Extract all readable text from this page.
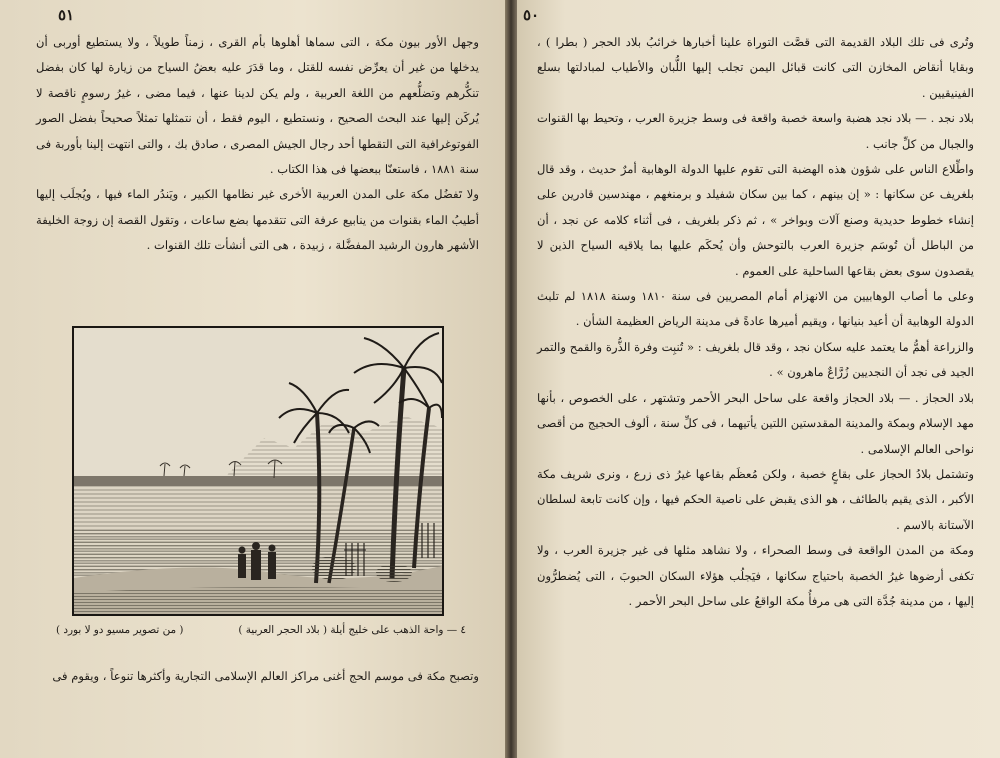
٥١

وجهل الأور بيون مكة ، التى سماها أهلوها بأم القرى ، زمناً طويلاً ، ولا يستطيع أوربى أن يدخلها من غير أن يعرِّض نفسه للقتل ، وما قدَرَ عليه بعضُ السياح من زيارة لها كان بفضل تنكُّرهم وتضلُّعهم من اللغة العربية ، ولم يكن لدينا عنها ، فيما مضى ، غيرُ رسومٍ ناقصة لا يُركَن إليها عند البحث الصحيح ، ونستطيع ، اليوم فقط ، أن نتمثلها تمثلاً صحيحاً بفضل الصور الفوتوغرافية التى التقطها أحد رجال الجيش المصرى ، صادق بك ، والتى انتهت إلينا بأوربة فى سنة ١٨٨١ ، فاستعنّا ببعضها فى هذا الكتاب .

ولا تَفضُل مكة على المدن العربية الأخرى غير نظامها الكبير ، ويَندُر الماء فيها ، ويُجلَب إليها أطيبُ الماء بقنوات من ينابيع عرفة التى تتقدمها بضع ساعات ، وتقول القصة إن زوجة الخليفة الأشهر هارون الرشيد المفضَّلة ، زبيدة ، هى التى أنشأت تلك القنوات .

٤ — واحة الذهب على خليج أيلة ( بلاد الحجر العربية )
( من تصوير مسيو دو لا بورد )

وتصبح مكة فى موسم الحج أغنى مراكز العالم الإسلامى التجارية وأكثرها تنوعاً ، ويقوم فى

٥٠

وتُرى فى تلك البلاد القديمة التى قصَّت التوراة علينا أخبارها خرائبُ بلاد الحجر ( بطرا ) ، وبقايا أنقاض المخازن التى كانت قبائل اليمن تجلب إليها اللُّبان والأطياب لمبادلتها بسلع الفينيقيين .

بلاد نجد . — بلاد نجد هضبة واسعة خصبة واقعة فى وسط جزيرة العرب ، وتحيط بها القنوات والجبال من كلِّ جانب .

واطِّلاع الناس على شؤون هذه الهضبة التى تقوم عليها الدولة الوهابية أمرٌ حديث ، وقد قال بلغريف عن سكانها : « إن بينهم ، كما بين سكان شفيلد و برمنغهم ، مهندسين قادرين على إنشاء خطوط حديدية وصنع آلات وبواخر » ، ثم ذكر بلغريف ، فى أثناء كلامه عن نجد ، أن من الباطل أن تُوسَم جزيرة العرب بالتوحش وأن يُحكَم عليها بما يلاقيه السياح الذين لا يقصدون سوى بعض بقاعها الساحلية على العموم .

وعلى ما أصاب الوهابيين من الانهزام أمام المصريين فى سنة ١٨١٠ وسنة ١٨١٨ لم تلبث الدولة الوهابية أن أعيد بنيانها ، ويقيم أميرها عادةً فى مدينة الرياض العظيمة الشأن .

والزراعة أهمُّ ما يعتمد عليه سكان نجد ، وقد قال بلغريف : « تُنبِت وفرة الذُّرة والقمح والتمر الجيد فى نجد أن النجديين زُرَّاعٌ ماهرون » .

بلاد الحجاز . — بلاد الحجاز واقعة على ساحل البحر الأحمر وتشتهر ، على الخصوص ، بأنها مهد الإسلام وبمكة والمدينة المقدستين اللتين يأتيهما ، فى كلِّ سنة ، ألوف الحجيج من أقصى نواحى العالم الإسلامى .

وتشتمل بلادُ الحجاز على بقاعٍ خصبة ، ولكن مُعظَم بقاعها غيرُ ذى زرع ، ونرى شريف مكة الأكبر ، الذى يقيم بالطائف ، هو الذى يقبض على ناصية الحكم فيها ، وإن كانت تابعة لسلطان الآستانة بالاسم .

ومكة من المدن الواقعة فى وسط الصحراء ، ولا نشاهد مثلها فى غير جزيرة العرب ، ولا تكفى أرضوها غيرُ الخصبة باحتياج سكانها ، فيَجلُب هؤلاء السكان الحبوبَ ، التى يُضطرُّون إليها ، من مدينة جُدَّة التى هى مرفأُ مكة الواقعُ على ساحل البحر الأحمر .
